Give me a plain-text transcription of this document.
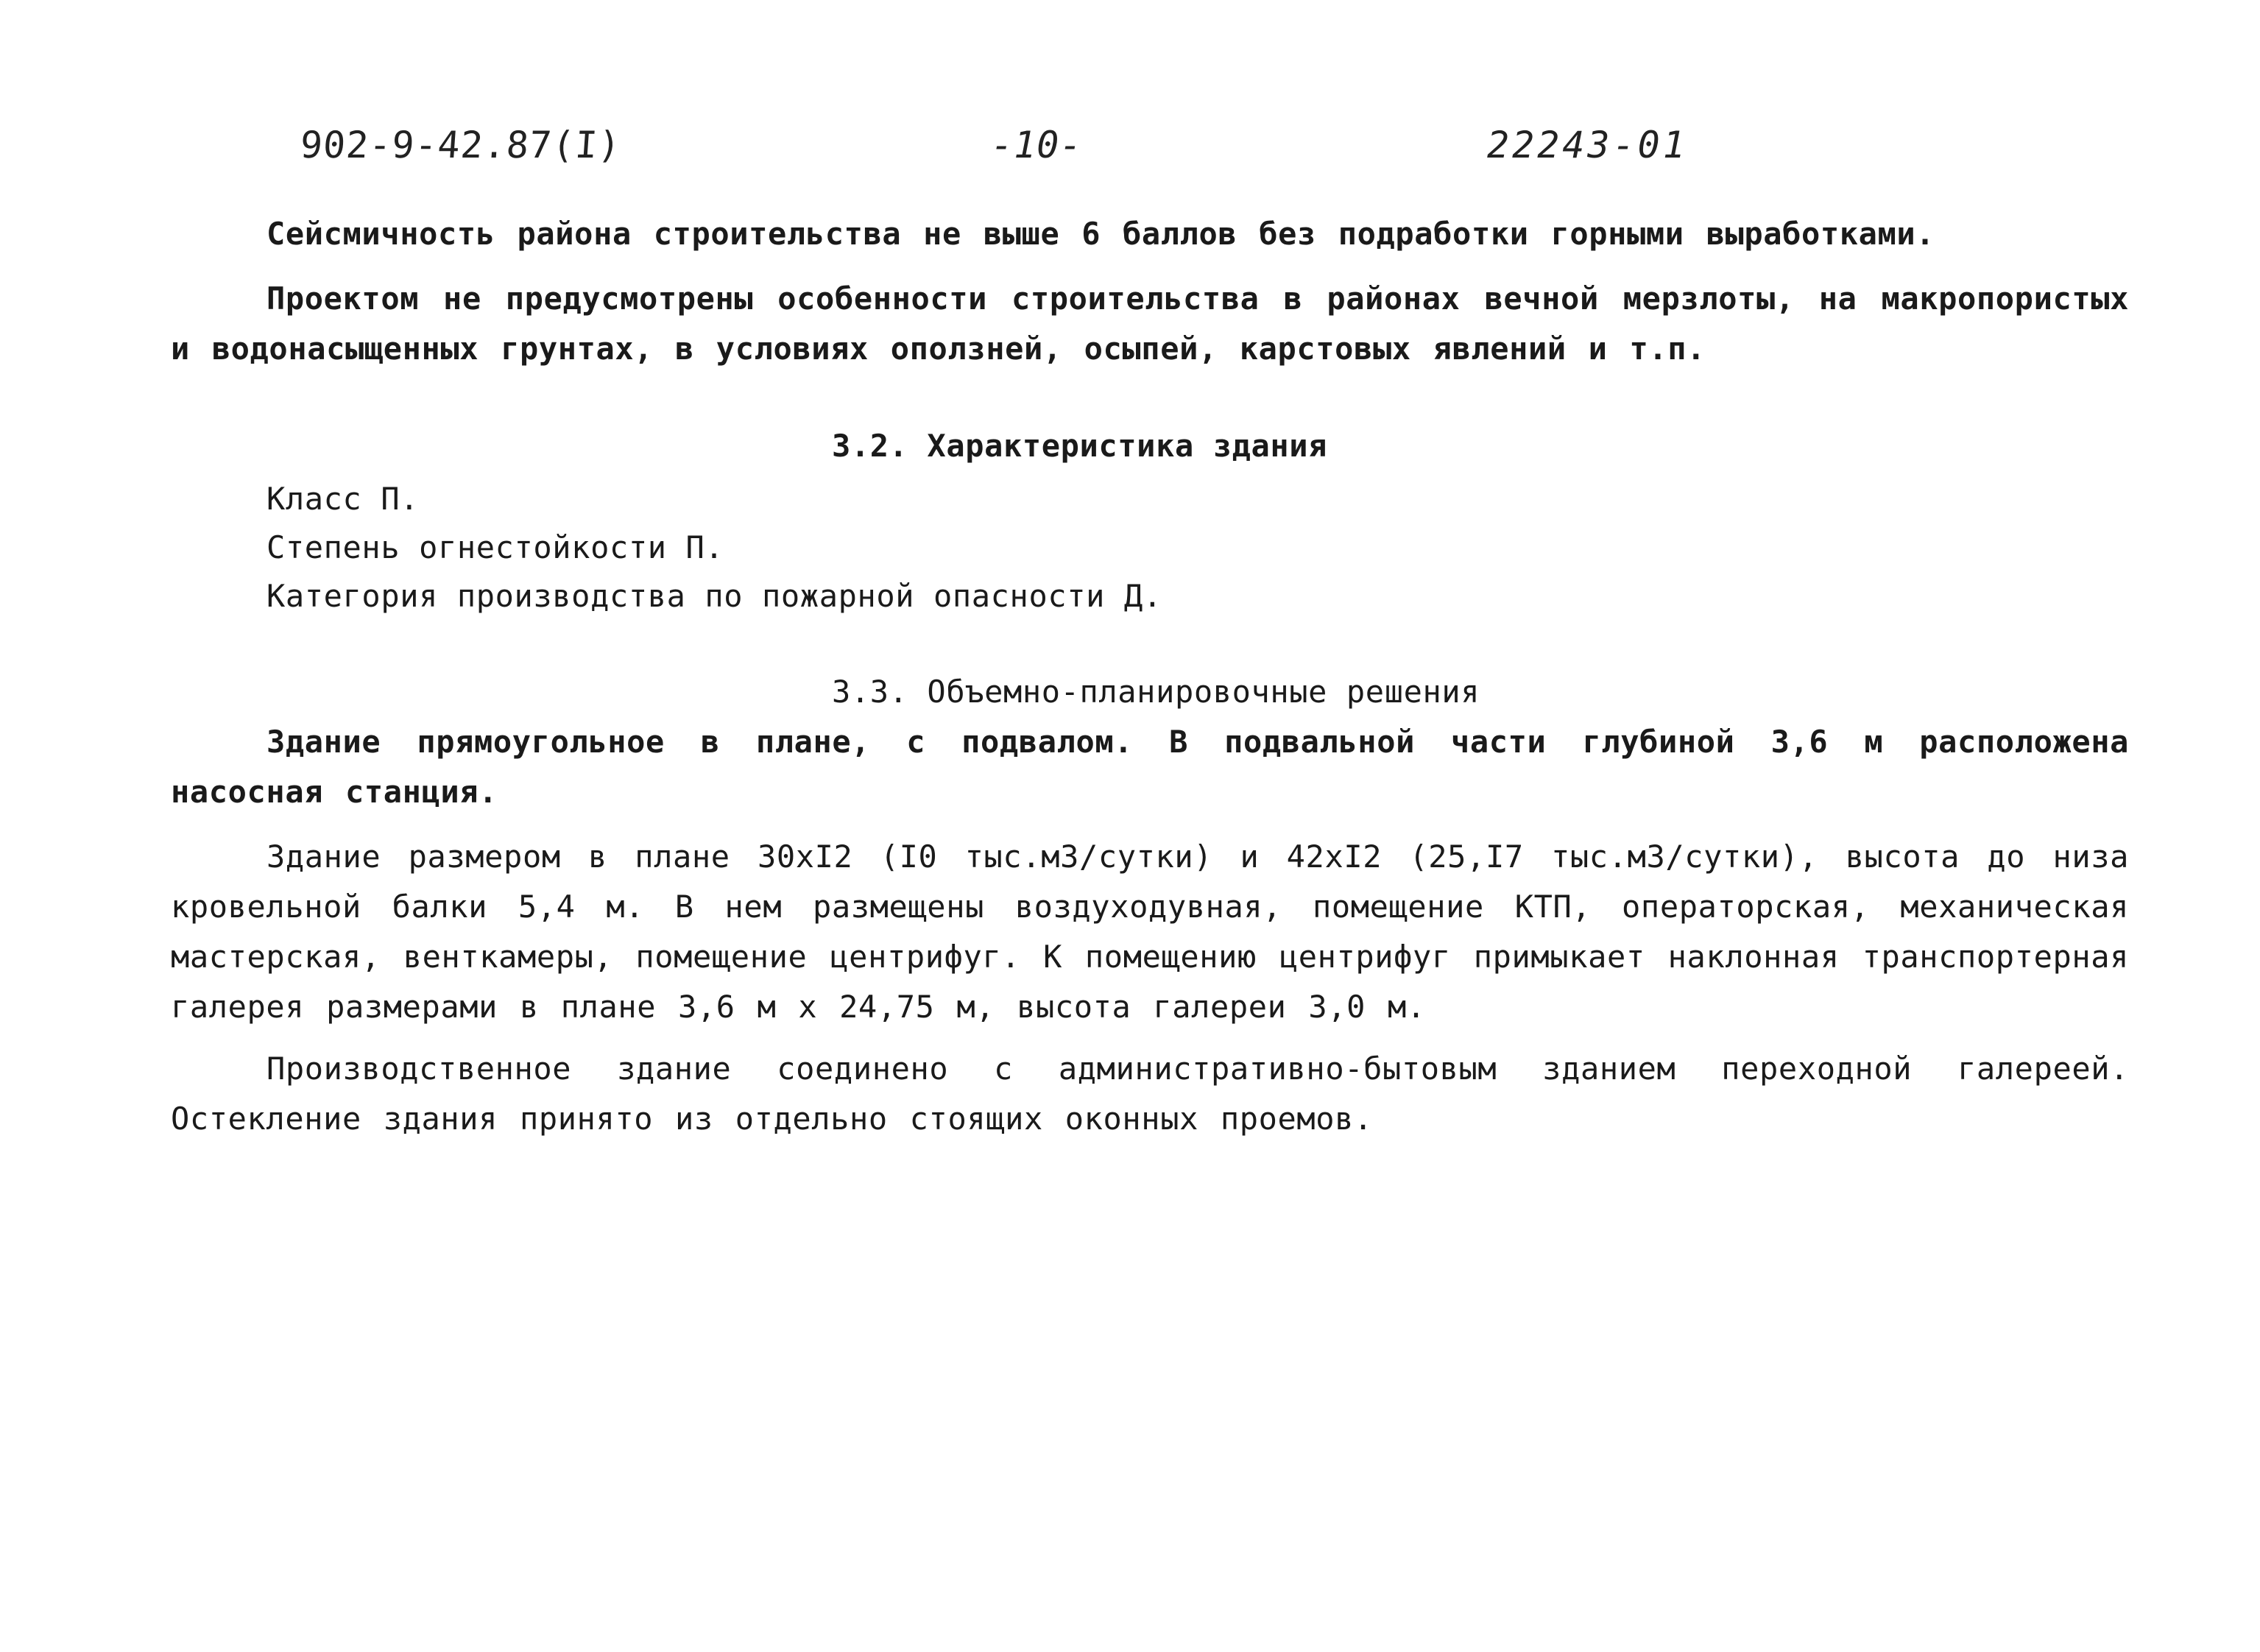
902-9-42.87(I)	-10-	22243-01
Сейсмичность района строительства не выше 6 баллов без подработки горными выработками.
Проектом не предусмотрены особенности строительства в районах вечной мерзлоты, на макропористых и водонасыщенных грунтах, в условиях оползней, осыпей, карстовых явлений и т.п.
3.2. Характеристика здания
Класс П.
Степень огнестойкости П.
Категория производства по пожарной опасности Д.
3.3. Объемно-планировочные решения
Здание прямоугольное в плане, с подвалом. В подвальной части глубиной 3,6 м расположена насосная станция.
Здание размером в плане 30хI2 (I0 тыс.м3/сутки) и 42хI2 (25,I7 тыс.м3/сутки), высота до низа кровельной балки 5,4 м. В нем размещены воздуходувная, помещение КТП, операторская, механическая мастерская, венткамеры, помещение центрифуг. К помещению центрифуг примыкает наклонная транспортерная галерея размерами в плане 3,6 м х 24,75 м, высота галереи 3,0 м.
Производственное здание соединено с административно-бытовым зданием переходной галереей. Остекление здания принято из отдельно стоящих оконных проемов.
